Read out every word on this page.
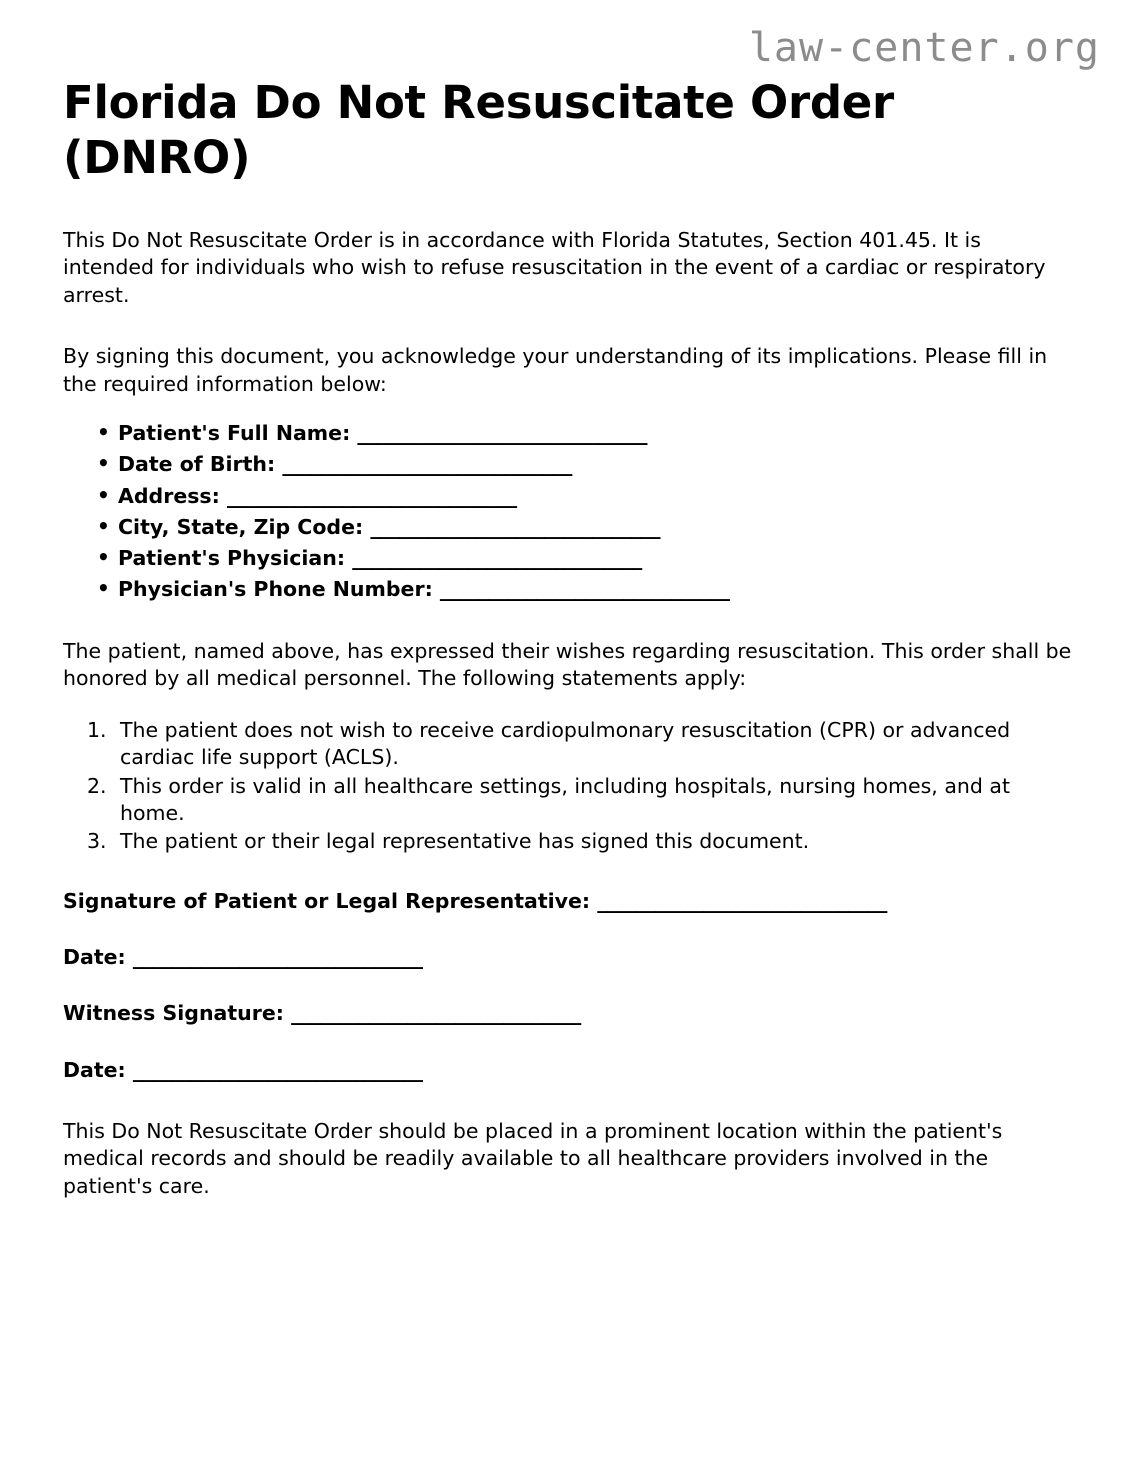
law-center.org
Florida Do Not Resuscitate Order (DNRO)

This Do Not Resuscitate Order is in accordance with Florida Statutes, Section 401.45. It is intended for individuals who wish to refuse resuscitation in the event of a cardiac or respiratory arrest.

By signing this document, you acknowledge your understanding of its implications. Please fill in the required information below:

• Patient's Full Name: ______________________________
• Date of Birth: ______________________________
• Address: ______________________________
• City, State, Zip Code: ______________________________
• Patient's Physician: ______________________________
• Physician's Phone Number: ______________________________

The patient, named above, has expressed their wishes regarding resuscitation. This order shall be honored by all medical personnel. The following statements apply:

The patient does not wish to receive cardiopulmonary resuscitation (CPR) or advanced cardiac life support (ACLS).
This order is valid in all healthcare settings, including hospitals, nursing homes, and at home.
The patient or their legal representative has signed this document.
Signature of Patient or Legal Representative: ______________________________
Date: ______________________________
Witness Signature: ______________________________
Date: ______________________________

This Do Not Resuscitate Order should be placed in a prominent location within the patient's medical records and should be readily available to all healthcare providers involved in the patient's care.
